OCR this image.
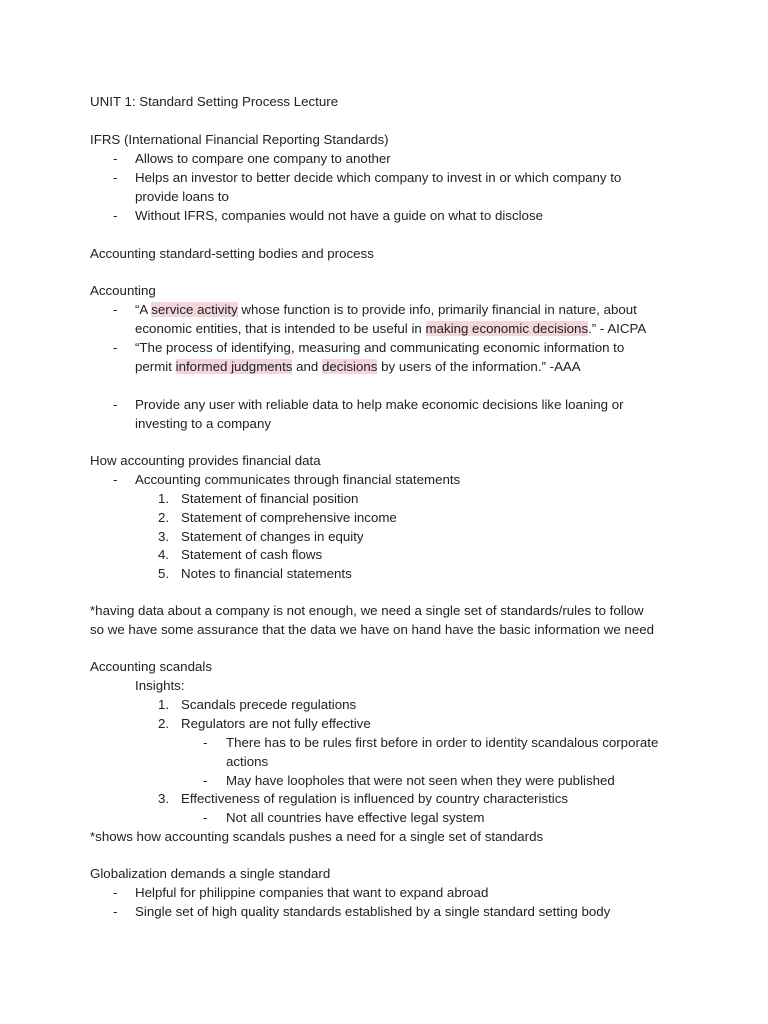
UNIT 1: Standard Setting Process Lecture
IFRS (International Financial Reporting Standards)
- Allows to compare one company to another
- Helps an investor to better decide which company to invest in or which company to
provide loans to
- Without IFRS, companies would not have a guide on what to disclose
Accounting standard-setting bodies and process
Accounting
- “A service activity whose function is to provide info, primarily financial in nature, about
economic entities, that is intended to be useful in making economic decisions.” - AICPA
- “The process of identifying, measuring and communicating economic information to
permit informed judgments and decisions by users of the information.” -AAA
- Provide any user with reliable data to help make economic decisions like loaning or
investing to a company
How accounting provides financial data
- Accounting communicates through financial statements
1. Statement of financial position
2. Statement of comprehensive income
3. Statement of changes in equity
4. Statement of cash flows
5. Notes to financial statements
*having data about a company is not enough, we need a single set of standards/rules to follow
so we have some assurance that the data we have on hand have the basic information we need
Accounting scandals
Insights:
1. Scandals precede regulations
2. Regulators are not fully effective
- There has to be rules first before in order to identity scandalous corporate
actions
- May have loopholes that were not seen when they were published
3. Effectiveness of regulation is influenced by country characteristics
- Not all countries have effective legal system
*shows how accounting scandals pushes a need for a single set of standards
Globalization demands a single standard
- Helpful for philippine companies that want to expand abroad
- Single set of high quality standards established by a single standard setting body
